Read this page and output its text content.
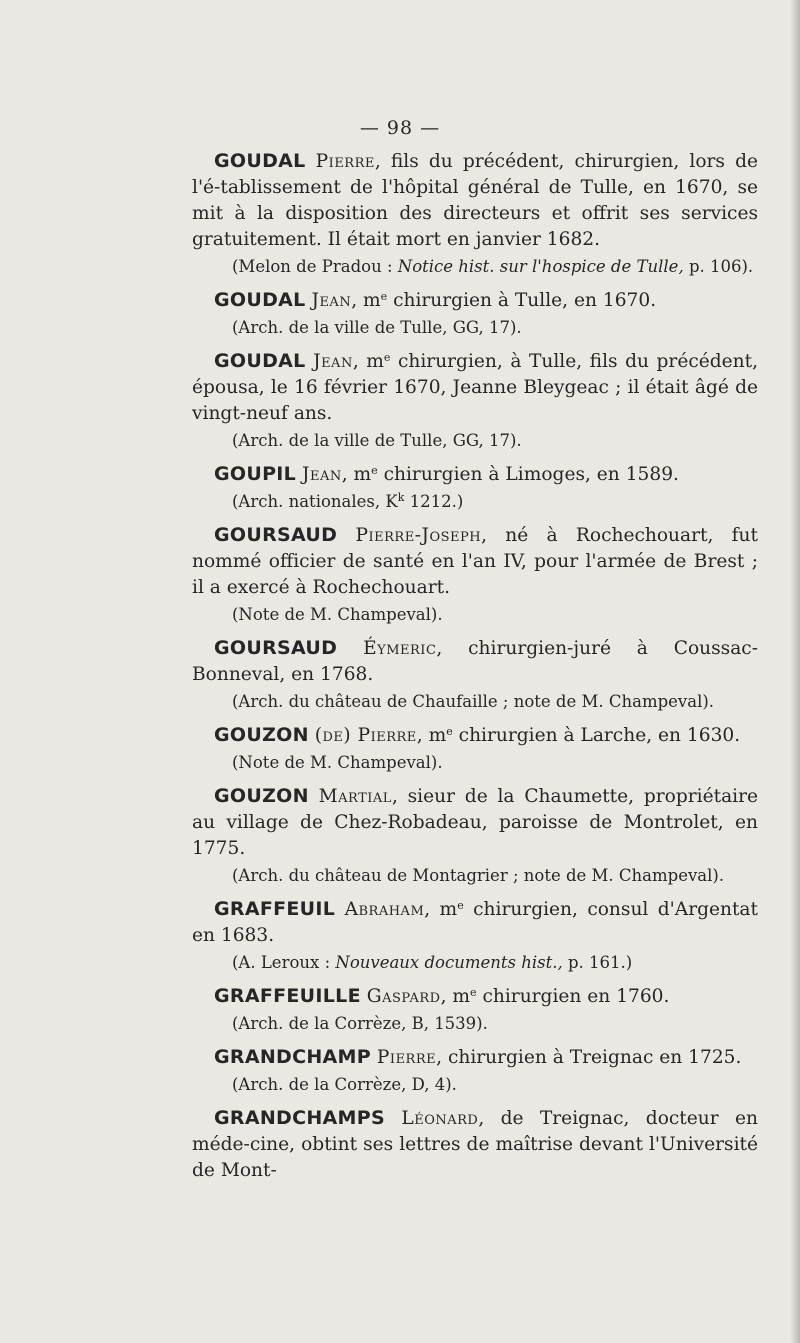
— 98 —

GOUDAL Pierre, fils du précédent, chirurgien, lors de l'é-tablissement de l'hôpital général de Tulle, en 1670, se mit à la disposition des directeurs et offrit ses services gratuitement. Il était mort en janvier 1682.

(Melon de Pradou : Notice hist. sur l'hospice de Tulle, p. 106).

GOUDAL Jean, $m^e$ chirurgien à Tulle, en 1670.

(Arch. de la ville de Tulle, GG, 17).

GOUDAL Jean, $m^e$ chirurgien, à Tulle, fils du précédent, épousa, le 16 février 1670, Jeanne Bleygeac ; il était âgé de vingt-neuf ans.

(Arch. de la ville de Tulle, GG, 17).

GOUPIL Jean, $m^e$ chirurgien à Limoges, en 1589.

(Arch. nationales, $K^k$ 1212.)

GOURSAUD Pierre-Joseph, né à Rochechouart, fut nommé officier de santé en l'an IV, pour l'armée de Brest ; il a exercé à Rochechouart.

(Note de M. Champeval).

GOURSAUD Éymeric, chirurgien-juré à Coussac-Bonneval, en 1768.

(Arch. du château de Chaufaille ; note de M. Champeval).

GOUZON (de) Pierre, $m^e$ chirurgien à Larche, en 1630.

(Note de M. Champeval).

GOUZON Martial, sieur de la Chaumette, propriétaire au village de Chez-Robadeau, paroisse de Montrolet, en 1775.

(Arch. du château de Montagrier ; note de M. Champeval).

GRAFFEUIL Abraham, $m^e$ chirurgien, consul d'Argentat en 1683.

(A. Leroux : Nouveaux documents hist., p. 161.)

GRAFFEUILLE Gaspard, $m^e$ chirurgien en 1760.

(Arch. de la Corrèze, B, 1539).

GRANDCHAMP Pierre, chirurgien à Treignac en 1725.

(Arch. de la Corrèze, D, 4).

GRANDCHAMPS Léonard, de Treignac, docteur en méde-cine, obtint ses lettres de maîtrise devant l'Université de Mont-
